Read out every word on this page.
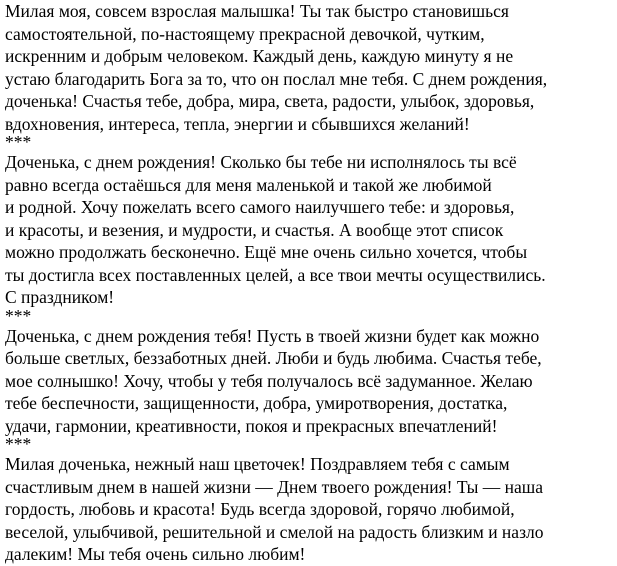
Милая моя, совсем взрослая малышка! Ты так быстро становишься
самостоятельной, по-настоящему прекрасной девочкой, чутким,
искренним и добрым человеком. Каждый день, каждую минуту я не
устаю благодарить Бога за то, что он послал мне тебя. С днем рождения,
доченька! Счастья тебе, добра, мира, света, радости, улыбок, здоровья,
вдохновения, интереса, тепла, энергии и сбывшихся желаний!
***
Доченька, с днем рождения! Сколько бы тебе ни исполнялось ты всё
равно всегда остаёшься для меня маленькой и такой же любимой
и родной. Хочу пожелать всего самого наилучшего тебе: и здоровья,
и красоты, и везения, и мудрости, и счастья. А вообще этот список
можно продолжать бесконечно. Ещё мне очень сильно хочется, чтобы
ты достигла всех поставленных целей, а все твои мечты осуществились.
С праздником!
***
Доченька, с днем рождения тебя! Пусть в твоей жизни будет как можно
больше светлых, беззаботных дней. Люби и будь любима. Счастья тебе,
мое солнышко! Хочу, чтобы у тебя получалось всё задуманное. Желаю
тебе беспечности, защищенности, добра, умиротворения, достатка,
удачи, гармонии, креативности, покоя и прекрасных впечатлений!
***
Милая доченька, нежный наш цветочек! Поздравляем тебя с самым
счастливым днем в нашей жизни — Днем твоего рождения! Ты — наша
гордость, любовь и красота! Будь всегда здоровой, горячо любимой,
веселой, улыбчивой, решительной и смелой на радость близким и назло
далеким! Мы тебя очень сильно любим!
